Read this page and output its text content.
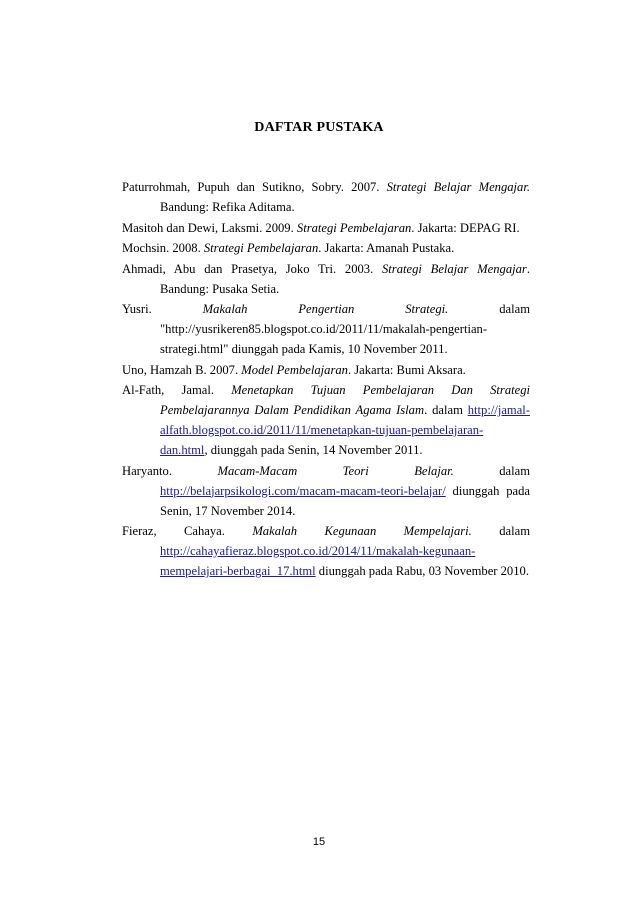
DAFTAR PUSTAKA

Paturrohmah, Pupuh dan Sutikno, Sobry. 2007. Strategi Belajar Mengajar. Bandung: Refika Aditama.

Masitoh dan Dewi, Laksmi. 2009. Strategi Pembelajaran. Jakarta: DEPAG RI.

Mochsin. 2008. Strategi Pembelajaran. Jakarta: Amanah Pustaka.

Ahmadi, Abu dan Prasetya, Joko Tri. 2003. Strategi Belajar Mengajar. Bandung: Pusaka Setia.

Yusri. Makalah Pengertian Strategi. dalam "http://yusrikeren85.blogspot.co.id/2011/11/makalah-pengertian-strategi.html" diunggah pada Kamis, 10 November 2011.

Uno, Hamzah B. 2007. Model Pembelajaran. Jakarta: Bumi Aksara.

Al-Fath, Jamal. Menetapkan Tujuan Pembelajaran Dan Strategi Pembelajarannya Dalam Pendidikan Agama Islam. dalam http://jamal-alfath.blogspot.co.id/2011/11/menetapkan-tujuan-pembelajaran-dan.html, diunggah pada Senin, 14 November 2011.

Haryanto. Macam-Macam Teori Belajar. dalam http://belajarpsikologi.com/macam-macam-teori-belajar/ diunggah pada Senin, 17 November 2014.

Fieraz, Cahaya. Makalah Kegunaan Mempelajari. dalam http://cahayafieraz.blogspot.co.id/2014/11/makalah-kegunaan-mempelajari-berbagai_17.html diunggah pada Rabu, 03 November 2010.

15
